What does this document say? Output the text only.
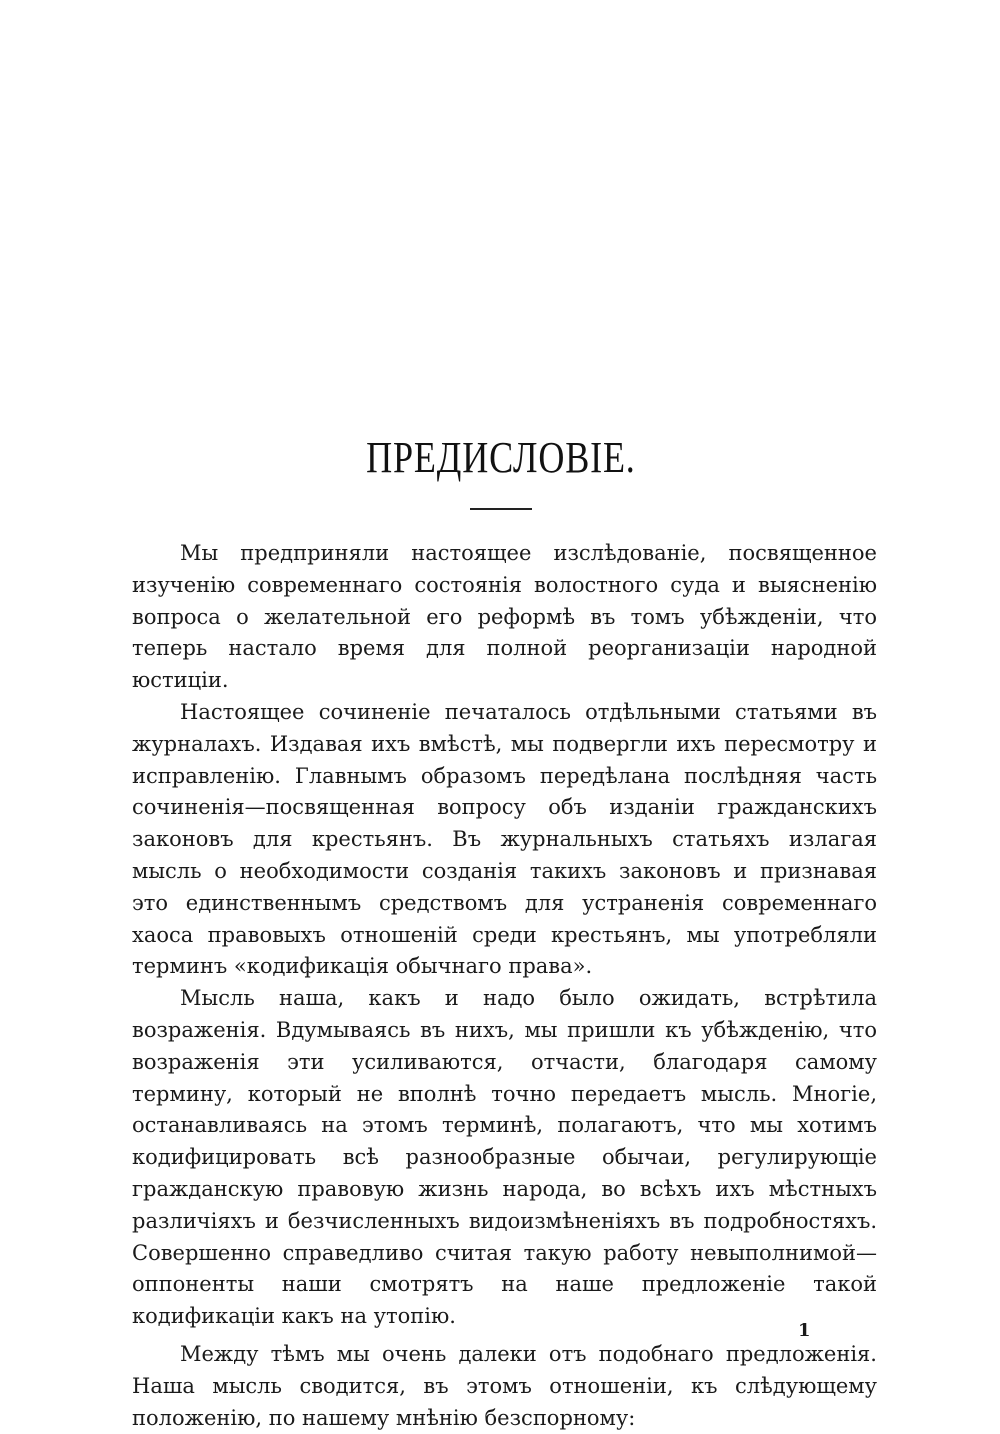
ПРЕДИСЛОВІЕ.

Мы предприняли настоящее изслѣдованіе, посвященное изученію современнаго состоянія волостного суда и выясненію вопроса о желательной его реформѣ въ томъ убѣжденіи, что теперь настало время для полной реорганизаціи народной юстиціи.

Настоящее сочиненіе печаталось отдѣльными статьями въ журналахъ. Издавая ихъ вмѣстѣ, мы подвергли ихъ пересмотру и исправленію. Главнымъ образомъ передѣлана послѣдняя часть сочиненія—посвященная вопросу объ изданіи гражданскихъ законовъ для крестьянъ. Въ журнальныхъ статьяхъ излагая мысль о необходимости созданія такихъ законовъ и признавая это единственнымъ средствомъ для устраненія современнаго хаоса правовыхъ отношеній среди крестьянъ, мы употребляли терминъ «кодификація обычнаго права».

Мысль наша, какъ и надо было ожидать, встрѣтила возраженія. Вдумываясь въ нихъ, мы пришли къ убѣжденію, что возраженія эти усиливаются, отчасти, благодаря самому термину, который не вполнѣ точно передаетъ мысль. Многіе, останавливаясь на этомъ терминѣ, полагаютъ, что мы хотимъ кодифицировать всѣ разнообразные обычаи, регулирующіе гражданскую правовую жизнь народа, во всѣхъ ихъ мѣстныхъ различіяхъ и безчисленныхъ видоизмѣненіяхъ въ подробностяхъ. Совершенно справедливо считая такую работу невыполнимой—оппоненты наши смотрятъ на наше предложеніе такой кодификаціи какъ на утопію.

Между тѣмъ мы очень далеки отъ подобнаго предложенія. Наша мысль сводится, въ этомъ отношеніи, къ слѣдующему положенію, по нашему мнѣнію безспорному:

1
